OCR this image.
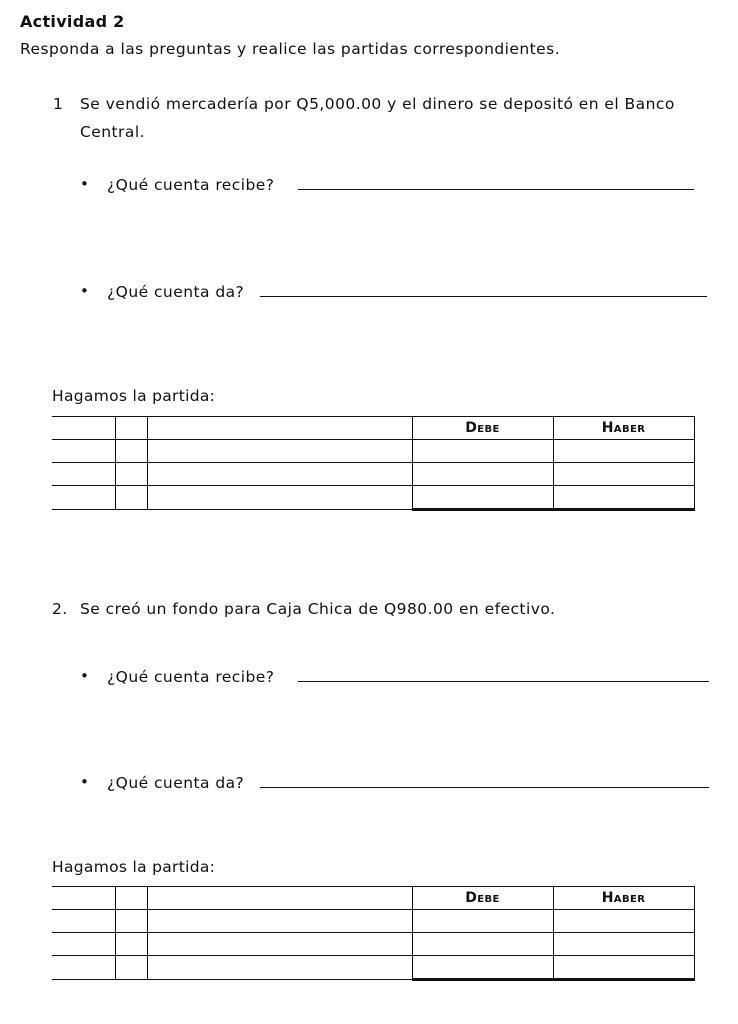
Actividad 2
Responda a las preguntas y realice las partidas correspondientes.
1 Se vendió mercadería por Q5,000.00 y el dinero se depositó en el Banco
Central.
• ¿Qué cuenta recibe?
• ¿Qué cuenta da?
Hagamos la partida:
			Debe	Haber

2. Se creó un fondo para Caja Chica de Q980.00 en efectivo.
• ¿Qué cuenta recibe?
• ¿Qué cuenta da?
Hagamos la partida:
			Debe	Haber
